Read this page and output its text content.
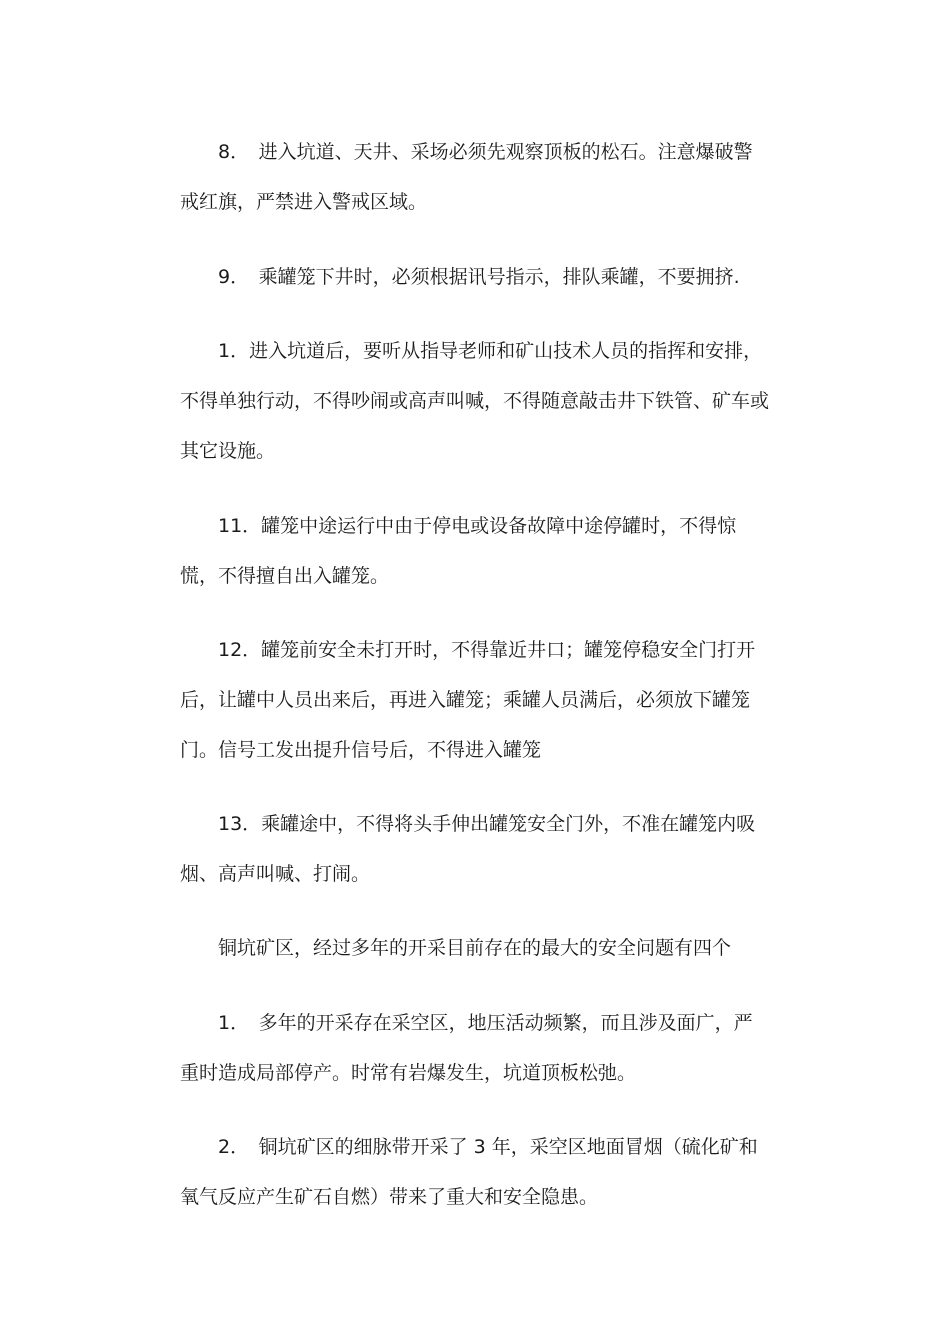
8．　进入坑道、天井、采场必须先观察顶板的松石。注意爆破警戒红旗，严禁进入警戒区域。

9．　乘罐笼下井时，必须根据讯号指示，排队乘罐，不要拥挤.

1．进入坑道后，要听从指导老师和矿山技术人员的指挥和安排，不得单独行动，不得吵闹或高声叫喊，不得随意敲击井下铁管、矿车或其它设施。

11．罐笼中途运行中由于停电或设备故障中途停罐时，不得惊慌，不得擅自出入罐笼。

12．罐笼前安全未打开时，不得靠近井口；罐笼停稳安全门打开后，让罐中人员出来后，再进入罐笼；乘罐人员满后，必须放下罐笼门。信号工发出提升信号后，不得进入罐笼

13．乘罐途中，不得将头手伸出罐笼安全门外，不准在罐笼内吸烟、高声叫喊、打闹。

铜坑矿区，经过多年的开采目前存在的最大的安全问题有四个

1．　多年的开采存在采空区，地压活动频繁，而且涉及面广，严重时造成局部停产。时常有岩爆发生，坑道顶板松弛。

2．　铜坑矿区的细脉带开采了 3 年，采空区地面冒烟（硫化矿和氧气反应产生矿石自燃）带来了重大和安全隐患。
